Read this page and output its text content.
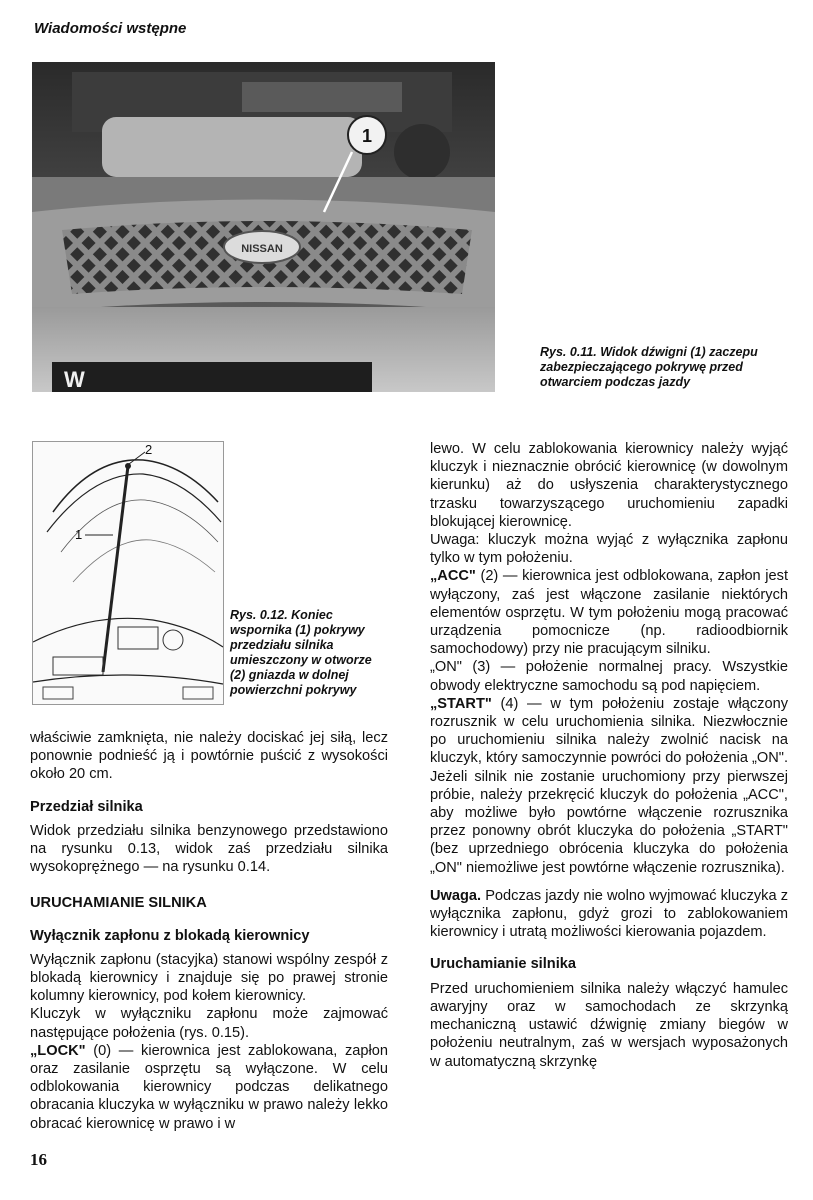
Wiadomości wstępne
NISSAN
W
1
Rys. 0.11. Widok dźwigni (1) zaczepu zabezpieczającego pokrywę przed otwarciem podczas jazdy
2
1
Rys. 0.12. Koniec wspornika (1) pokrywy przedziału silnika umieszczony w otworze (2) gniazda w dolnej powierzchni pokrywy

właściwie zamknięta, nie należy dociskać jej siłą, lecz ponownie podnieść ją i powtórnie puścić z wysokości około 20 cm.

Przedział silnika

Widok przedziału silnika benzynowego przedstawiono na rysunku 0.13, widok zaś przedziału silnika wysokoprężnego — na rysunku 0.14.

URUCHAMIANIE SILNIKA

Wyłącznik zapłonu z blokadą kierownicy

Wyłącznik zapłonu (stacyjka) stanowi wspólny zespół z blokadą kierownicy i znajduje się po prawej stronie kolumny kierownicy, pod kołem kierownicy.

Kluczyk w wyłączniku zapłonu może zajmować następujące położenia (rys. 0.15).

„LOCK" (0) — kierownica jest zablokowana, zapłon oraz zasilanie osprzętu są wyłączone. W celu odblokowania kierownicy podczas delikatnego obracania kluczyka w wyłączniku w prawo należy lekko obracać kierownicę w prawo i w

lewo. W celu zablokowania kierownicy należy wyjąć kluczyk i nieznacznie obrócić kierownicę (w dowolnym kierunku) aż do usłyszenia charakterystycznego trzasku towarzyszącego uruchomieniu zapadki blokującej kierownicę.

Uwaga: kluczyk można wyjąć z wyłącznika zapłonu tylko w tym położeniu.

„ACC" (2) — kierownica jest odblokowana, zapłon jest wyłączony, zaś jest włączone zasilanie niektórych elementów osprzętu. W tym położeniu mogą pracować urządzenia pomocnicze (np. radioodbiornik samochodowy) przy nie pracującym silniku.

„ON" (3) — położenie normalnej pracy. Wszystkie obwody elektryczne samochodu są pod napięciem.

„START" (4) — w tym położeniu zostaje włączony rozrusznik w celu uruchomienia silnika. Niezwłocznie po uruchomieniu silnika należy zwolnić nacisk na kluczyk, który samoczynnie powróci do położenia „ON". Jeżeli silnik nie zostanie uruchomiony przy pierwszej próbie, należy przekręcić kluczyk do położenia „ACC", aby możliwe było powtórne włączenie rozrusznika przez ponowny obrót kluczyka do położenia „START" (bez uprzedniego obrócenia kluczyka do położenia „ON" niemożliwe jest powtórne włączenie rozrusznika).

Uwaga. Podczas jazdy nie wolno wyjmować kluczyka z wyłącznika zapłonu, gdyż grozi to zablokowaniem kierownicy i utratą możliwości kierowania pojazdem.

Uruchamianie silnika

Przed uruchomieniem silnika należy włączyć hamulec awaryjny oraz w samochodach ze skrzynką mechaniczną ustawić dźwignię zmiany biegów w położeniu neutralnym, zaś w wersjach wyposażonych w automatyczną skrzynkę

16
